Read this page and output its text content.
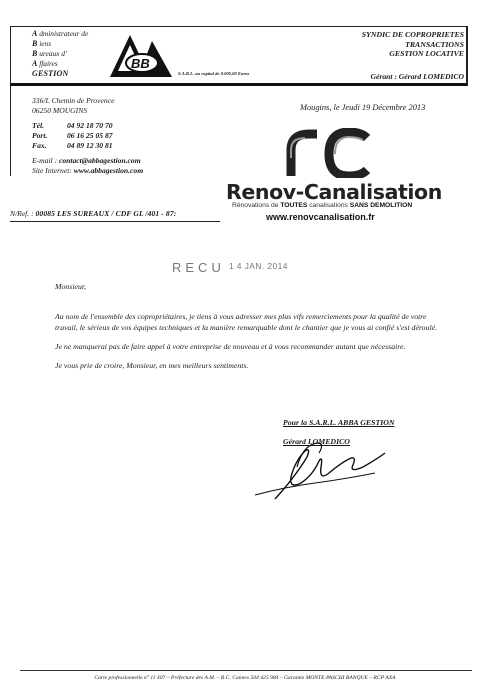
A dministrateur de
B iens
B ureaux d'
A ffaires
GESTION
BB
S.A.R.L. au capital de 8.000,00 Euros
SYNDIC DE COPROPRIETES
TRANSACTIONS
GESTION LOCATIVE
Gérant : Gérard LOMEDICO
336/L Chemin de Provence
06250 MOUGINS
Tél.	04 92 18 70 70
Port.	06 16 25 05 87
Fax.	04 89 12 30 81
E-mail : contact@abbagestion.com
Site Internet: www.abbagestion.com
Mougins, le Jeudi 19 Décembre 2013
Renov-Canalisation
Rénovations de TOUTES canalisations SANS DEMOLITION
www.renovcanalisation.fr
N/Ref. : 00085 LES SUREAUX / CDF GL /401 - 87:
RECU $^{1 4 JAN. 2014}$
Monsieur,

Au nom de l'ensemble des copropriétaires, je tiens à vous adresser mes plus vifs remerciements pour la qualité de votre travail, le sérieux de vos équipes techniques et la manière remarquable dont le chantier que je vous ai confié s'est déroulé.

Je ne manquerai pas de faire appel à votre entreprise de nouveau et à vous recommander autant que nécessaire.

Je vous prie de croire, Monsieur, en mes meilleurs sentiments.

Pour la S.A.R.L. ABBA GESTION
Gérard LOMEDICO
Carte professionnelle n° 11 407 – Préfecture des A.M. – R.C. Cannes 504 425 984 – Garantie MONTE PASCHI BANQUE – RCP AXA
